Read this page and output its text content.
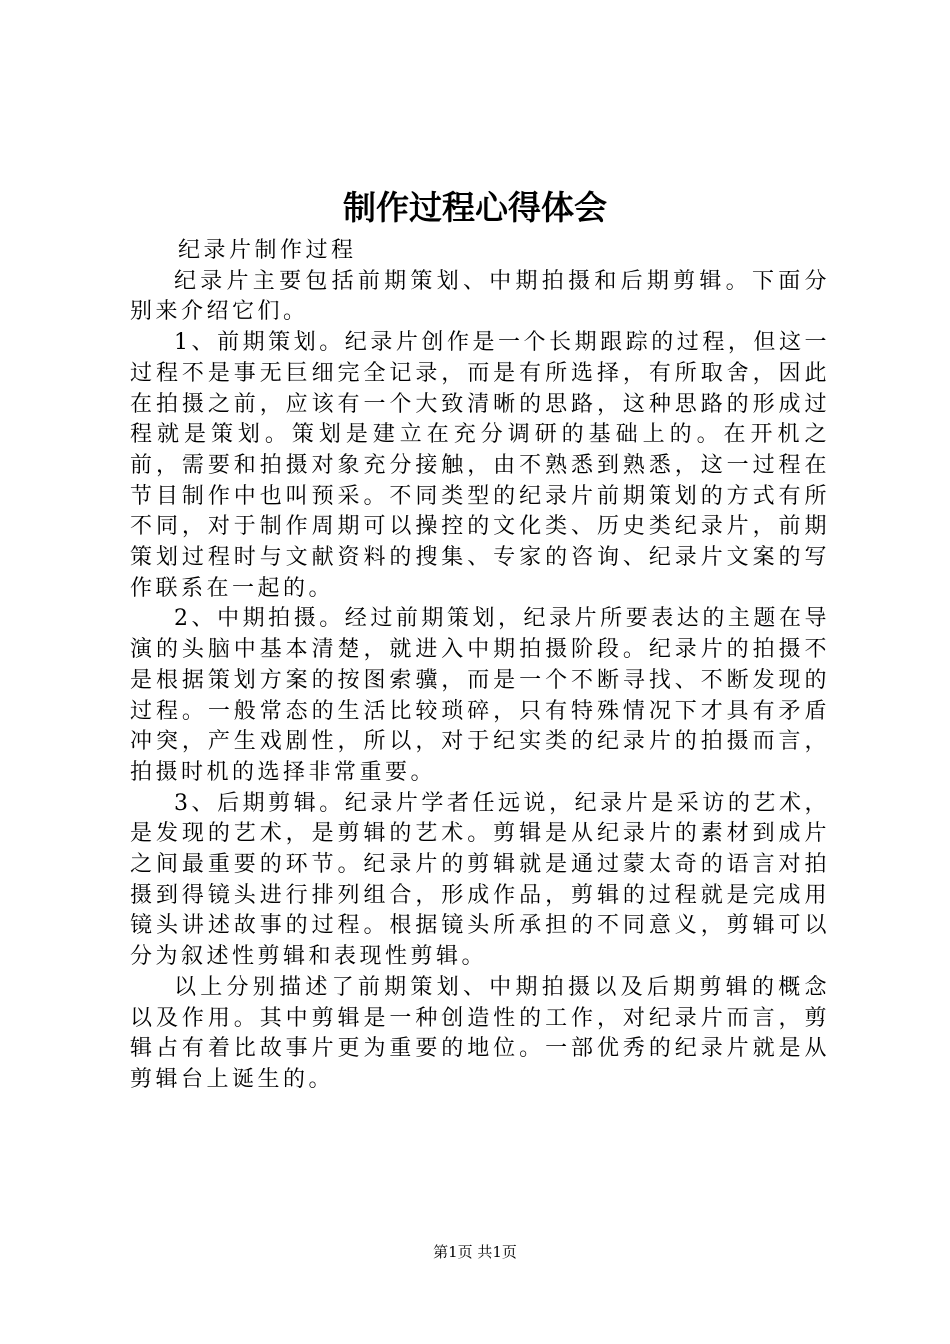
制作过程心得体会

纪录片制作过程

纪录片主要包括前期策划、中期拍摄和后期剪辑。下面分别来介绍它们。

1、前期策划。纪录片创作是一个长期跟踪的过程，但这一过程不是事无巨细完全记录，而是有所选择，有所取舍，因此在拍摄之前，应该有一个大致清晰的思路，这种思路的形成过程就是策划。策划是建立在充分调研的基础上的。在开机之前，需要和拍摄对象充分接触，由不熟悉到熟悉，这一过程在节目制作中也叫预采。不同类型的纪录片前期策划的方式有所不同，对于制作周期可以操控的文化类、历史类纪录片，前期策划过程时与文献资料的搜集、专家的咨询、纪录片文案的写作联系在一起的。

2、中期拍摄。经过前期策划，纪录片所要表达的主题在导演的头脑中基本清楚，就进入中期拍摄阶段。纪录片的拍摄不是根据策划方案的按图索骥，而是一个不断寻找、不断发现的过程。一般常态的生活比较琐碎，只有特殊情况下才具有矛盾冲突，产生戏剧性，所以，对于纪实类的纪录片的拍摄而言，拍摄时机的选择非常重要。

3、后期剪辑。纪录片学者任远说，纪录片是采访的艺术，是发现的艺术，是剪辑的艺术。剪辑是从纪录片的素材到成片之间最重要的环节。纪录片的剪辑就是通过蒙太奇的语言对拍摄到得镜头进行排列组合，形成作品，剪辑的过程就是完成用镜头讲述故事的过程。根据镜头所承担的不同意义，剪辑可以分为叙述性剪辑和表现性剪辑。

以上分别描述了前期策划、中期拍摄以及后期剪辑的概念以及作用。其中剪辑是一种创造性的工作，对纪录片而言，剪辑占有着比故事片更为重要的地位。一部优秀的纪录片就是从剪辑台上诞生的。

第1页 共1页
